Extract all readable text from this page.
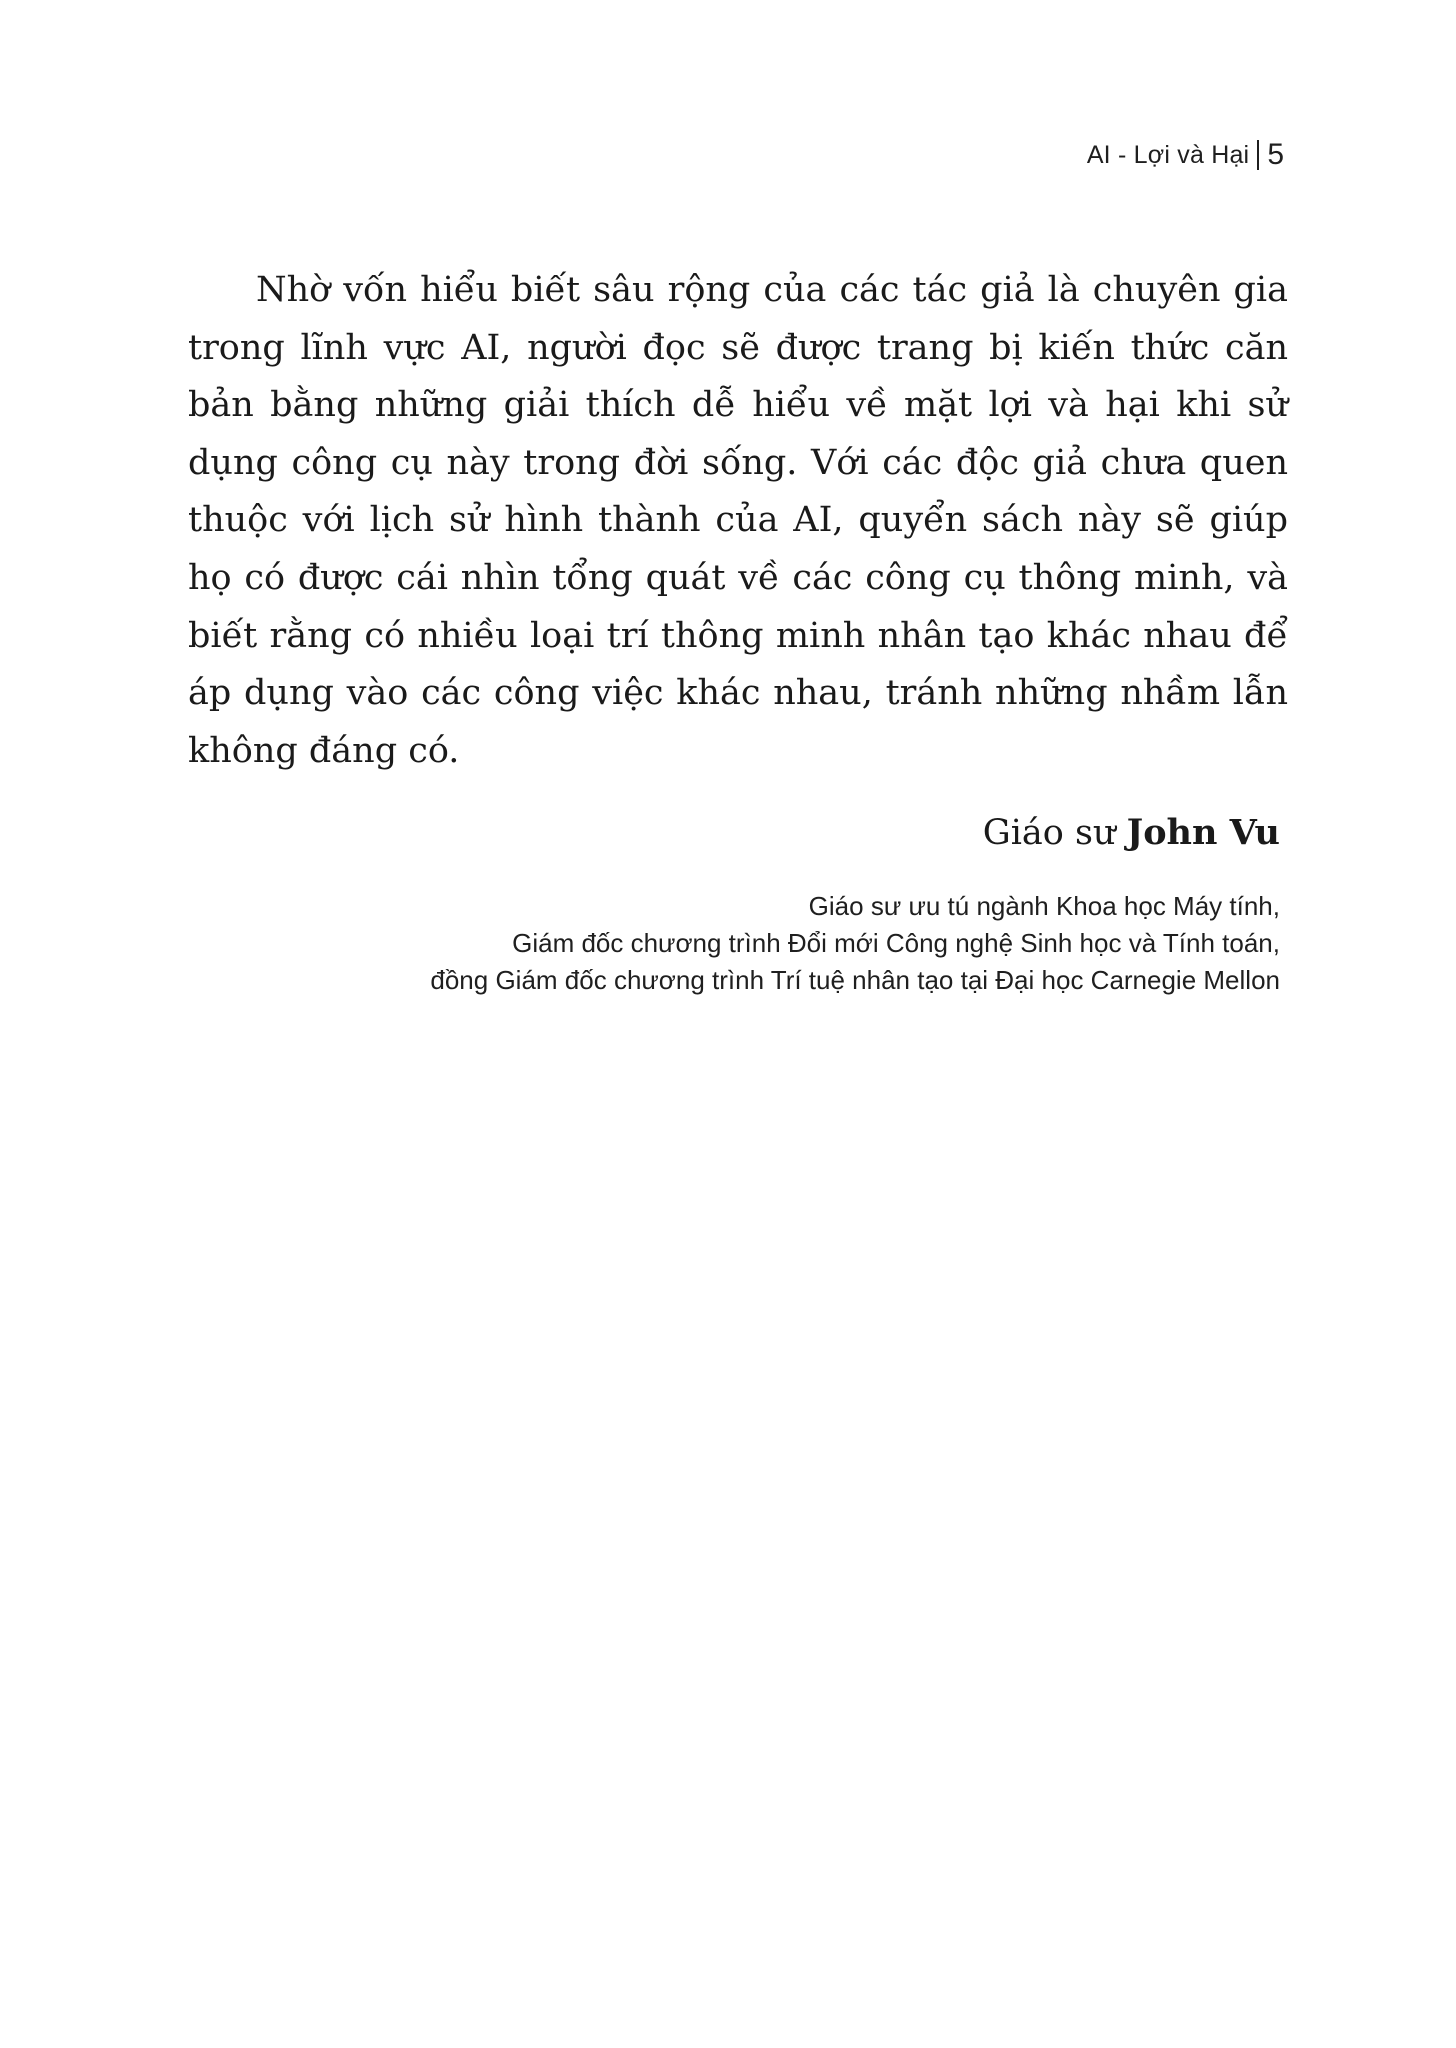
AI - Lợi và Hại 5

Nhờ vốn hiểu biết sâu rộng của các tác giả là chuyên gia trong lĩnh vực AI, người đọc sẽ được trang bị kiến thức căn bản bằng những giải thích dễ hiểu về mặt lợi và hại khi sử dụng công cụ này trong đời sống. Với các độc giả chưa quen thuộc với lịch sử hình thành của AI, quyển sách này sẽ giúp họ có được cái nhìn tổng quát về các công cụ thông minh, và biết rằng có nhiều loại trí thông minh nhân tạo khác nhau để áp dụng vào các công việc khác nhau, tránh những nhầm lẫn không đáng có.

Giáo sư John Vu
Giáo sư ưu tú ngành Khoa học Máy tính,
Giám đốc chương trình Đổi mới Công nghệ Sinh học và Tính toán,
đồng Giám đốc chương trình Trí tuệ nhân tạo tại Đại học Carnegie Mellon
